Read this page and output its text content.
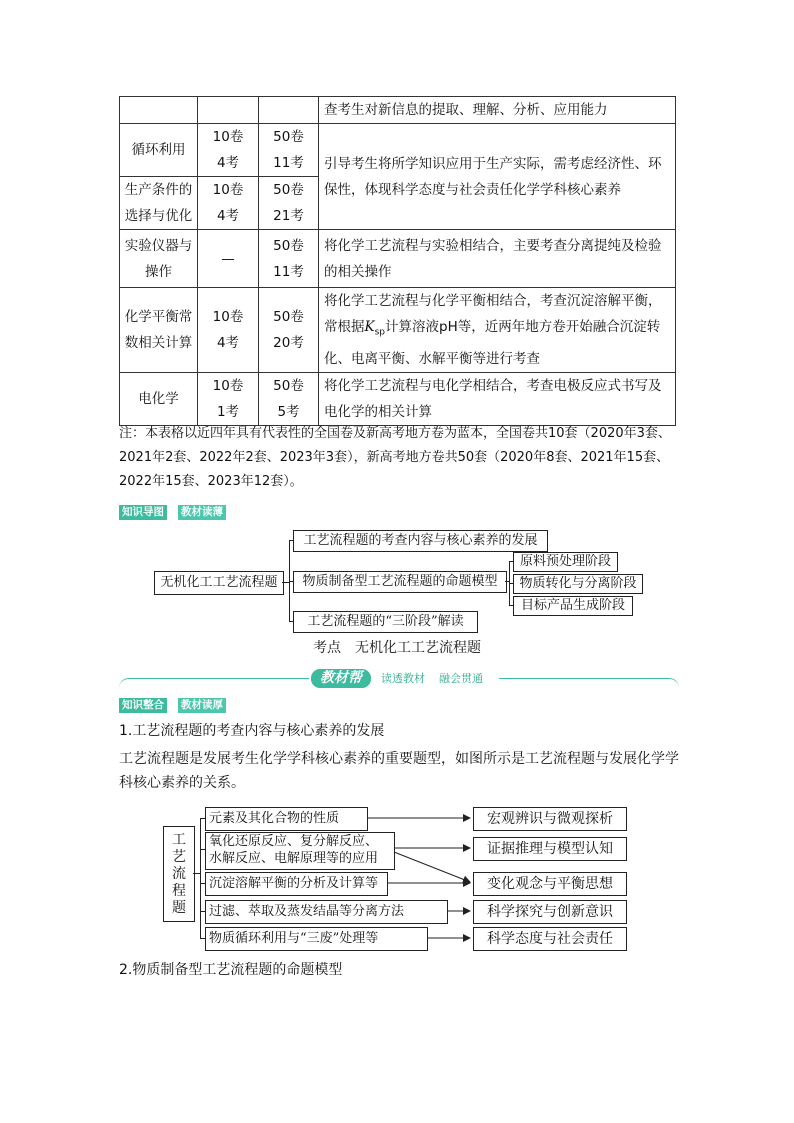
			查考生对新信息的提取、理解、分析、应用能力
循环利用	10卷 4考	50卷 11考	引导考生将所学知识应用于生产实际，需考虑经济性、环保性，体现科学态度与社会责任化学学科核心素养
生产条件的选择与优化	10卷 4考	50卷 21考	
实验仪器与操作	—	50卷 11考	将化学工艺流程与实验相结合，主要考查分离提纯及检验的相关操作
化学平衡常数相关计算	10卷 4考	50卷 20考	将化学工艺流程与化学平衡相结合，考查沉淀溶解平衡，常根据$K_{sp}$计算溶液pH等，近两年地方卷开始融合沉淀转化、电离平衡、水解平衡等进行考查
电化学	10卷 1考	50卷 5考	将化学工艺流程与电化学相结合，考查电极反应式书写及电化学的相关计算
注：本表格以近四年具有代表性的全国卷及新高考地方卷为蓝本，全国卷共10套（2020年3套、2021年2套、2022年2套、2023年3套），新高考地方卷共50套（2020年8套、2021年15套、2022年15套、2023年12套）。
知识导图 教材读薄
无机化工工艺流程题
工艺流程题的考查内容与核心素养的发展
物质制备型工艺流程题的命题模型
工艺流程题的“三阶段”解读
原料预处理阶段
物质转化与分离阶段
目标产品生成阶段
考点　无机化工工艺流程题
教材帮	读透教材 融会贯通
知识整合 教材读厚
1.工艺流程题的考查内容与核心素养的发展
工艺流程题是发展考生化学学科核心素养的重要题型，如图所示是工艺流程题与发展化学学科核心素养的关系。
工
艺
流
程
题
元素及其化合物的性质
氧化还原反应、复分解反应、
水解反应、电解原理等的应用
沉淀溶解平衡的分析及计算等
过滤、萃取及蒸发结晶等分离方法
物质循环利用与“三废”处理等
宏观辨识与微观探析
证据推理与模型认知
变化观念与平衡思想
科学探究与创新意识
科学态度与社会责任
2.物质制备型工艺流程题的命题模型
